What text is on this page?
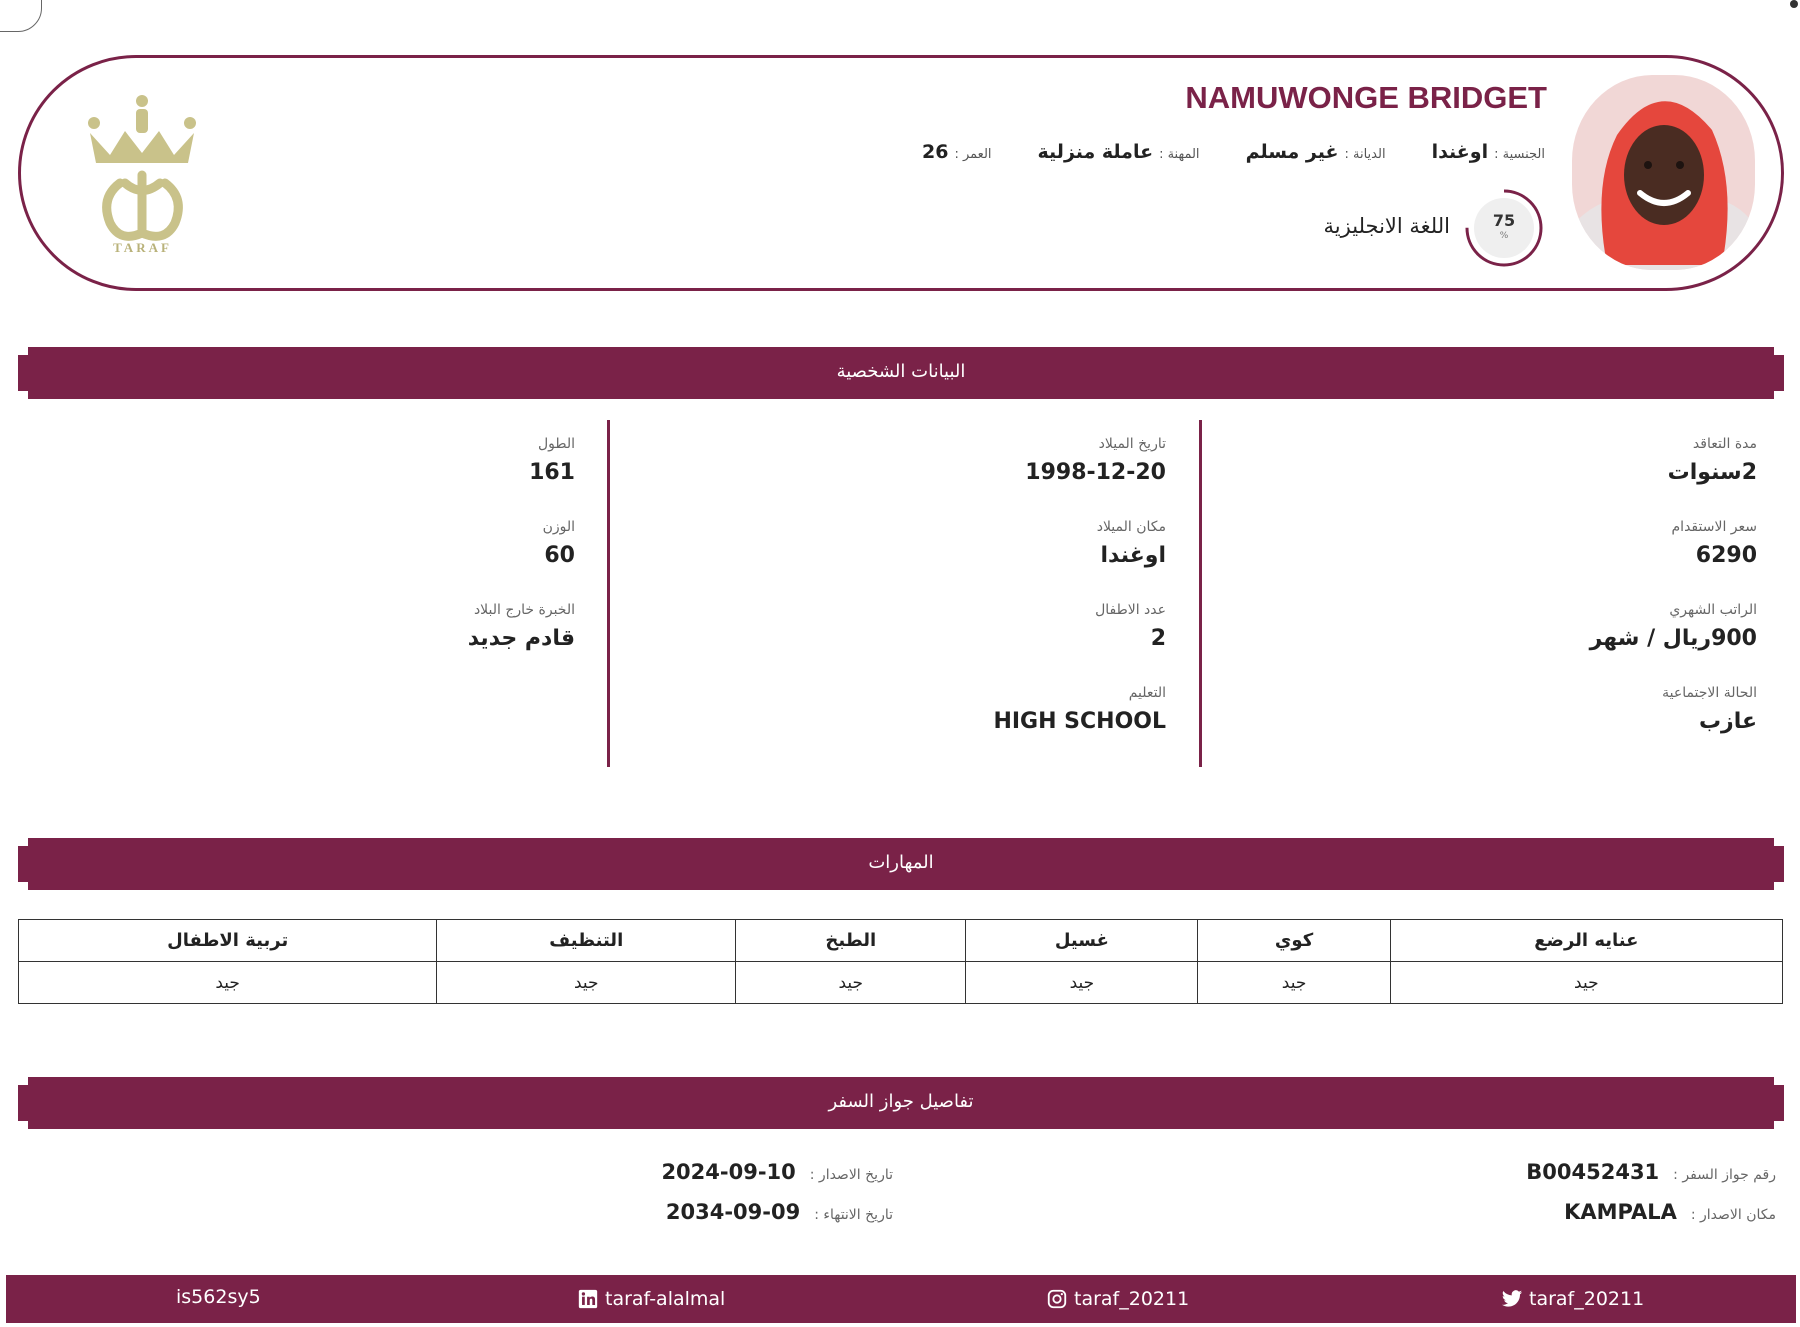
TARAF
NAMUWONGE BRIDGET
الجنسية :
اوغندا
الديانة :
غير مسلم
المهنة :
عاملة منزلية
العمر :
26
75
%
اللغة الانجليزية
البيانات الشخصية
مدة التعاقد
2سنوات
سعر الاستقدام
6290
الراتب الشهري
900ريال / شهر
الحالة الاجتماعية
عازب
تاريخ الميلاد
1998-12-20
مكان الميلاد
اوغندا
عدد الاطفال
2
التعليم
HIGH SCHOOL
الطول
161
الوزن
60
الخبرة خارج البلاد
قادم جديد
المهارات
عنايه الرضع	كوي	غسيل	الطبخ	التنظيف	تربية الاطفال
جيد	جيد	جيد	جيد	جيد	جيد
تفاصيل جواز السفر
رقم جواز السفر :
B00452431
مكان الاصدار :
KAMPALA
تاريخ الاصدار :
2024-09-10
تاريخ الانتهاء :
2034-09-09
taraf_20211
taraf_20211
taraf-alalmal
is562sy5
